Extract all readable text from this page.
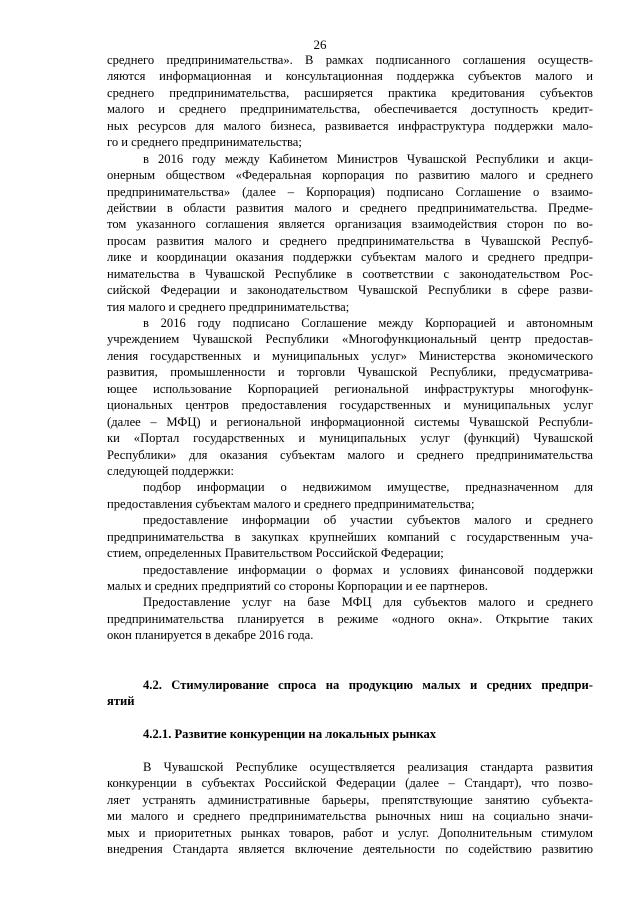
26
среднего предпринимательства». В рамках подписанного соглашения осуществ-
ляются информационная и консультационная поддержка субъектов малого и
среднего предпринимательства, расширяется практика кредитования субъектов
малого и среднего предпринимательства, обеспечивается доступность кредит-
ных ресурсов для малого бизнеса, развивается инфраструктура поддержки мало-
го и среднего предпринимательства;
в 2016 году между Кабинетом Министров Чувашской Республики и акци-
онерным обществом «Федеральная корпорация по развитию малого и среднего
предпринимательства» (далее – Корпорация) подписано Соглашение о взаимо-
действии в области развития малого и среднего предпринимательства. Предме-
том указанного соглашения является организация взаимодействия сторон по во-
просам развития малого и среднего предпринимательства в Чувашской Респуб-
лике и координации оказания поддержки субъектам малого и среднего предпри-
нимательства в Чувашской Республике в соответствии с законодательством Рос-
сийской Федерации и законодательством Чувашской Республики в сфере разви-
тия малого и среднего предпринимательства;
в 2016 году подписано Соглашение между Корпорацией и автономным
учреждением Чувашской Республики «Многофункциональный центр предостав-
ления государственных и муниципальных услуг» Министерства экономического
развития, промышленности и торговли Чувашской Республики, предусматрива-
ющее использование Корпорацией региональной инфраструктуры многофунк-
циональных центров предоставления государственных и муниципальных услуг
(далее – МФЦ) и региональной информационной системы Чувашской Республи-
ки «Портал государственных и муниципальных услуг (функций) Чувашской
Республики» для оказания субъектам малого и среднего предпринимательства
следующей поддержки:
подбор информации о недвижимом имуществе, предназначенном для
предоставления субъектам малого и среднего предпринимательства;
предоставление информации об участии субъектов малого и среднего
предпринимательства в закупках крупнейших компаний с государственным уча-
стием, определенных Правительством Российской Федерации;
предоставление информации о формах и условиях финансовой поддержки
малых и средних предприятий со стороны Корпорации и ее партнеров.
Предоставление услуг на базе МФЦ для субъектов малого и среднего
предпринимательства планируется в режиме «одного окна». Открытие таких
окон планируется в декабре 2016 года.
4.2. Стимулирование спроса на продукцию малых и средних предпри-
ятий
4.2.1. Развитие конкуренции на локальных рынках
В Чувашской Республике осуществляется реализация стандарта развития
конкуренции в субъектах Российской Федерации (далее – Стандарт), что позво-
ляет устранять административные барьеры, препятствующие занятию субъекта-
ми малого и среднего предпринимательства рыночных ниш на социально значи-
мых и приоритетных рынках товаров, работ и услуг. Дополнительным стимулом
внедрения Стандарта является включение деятельности по содействию развитию
